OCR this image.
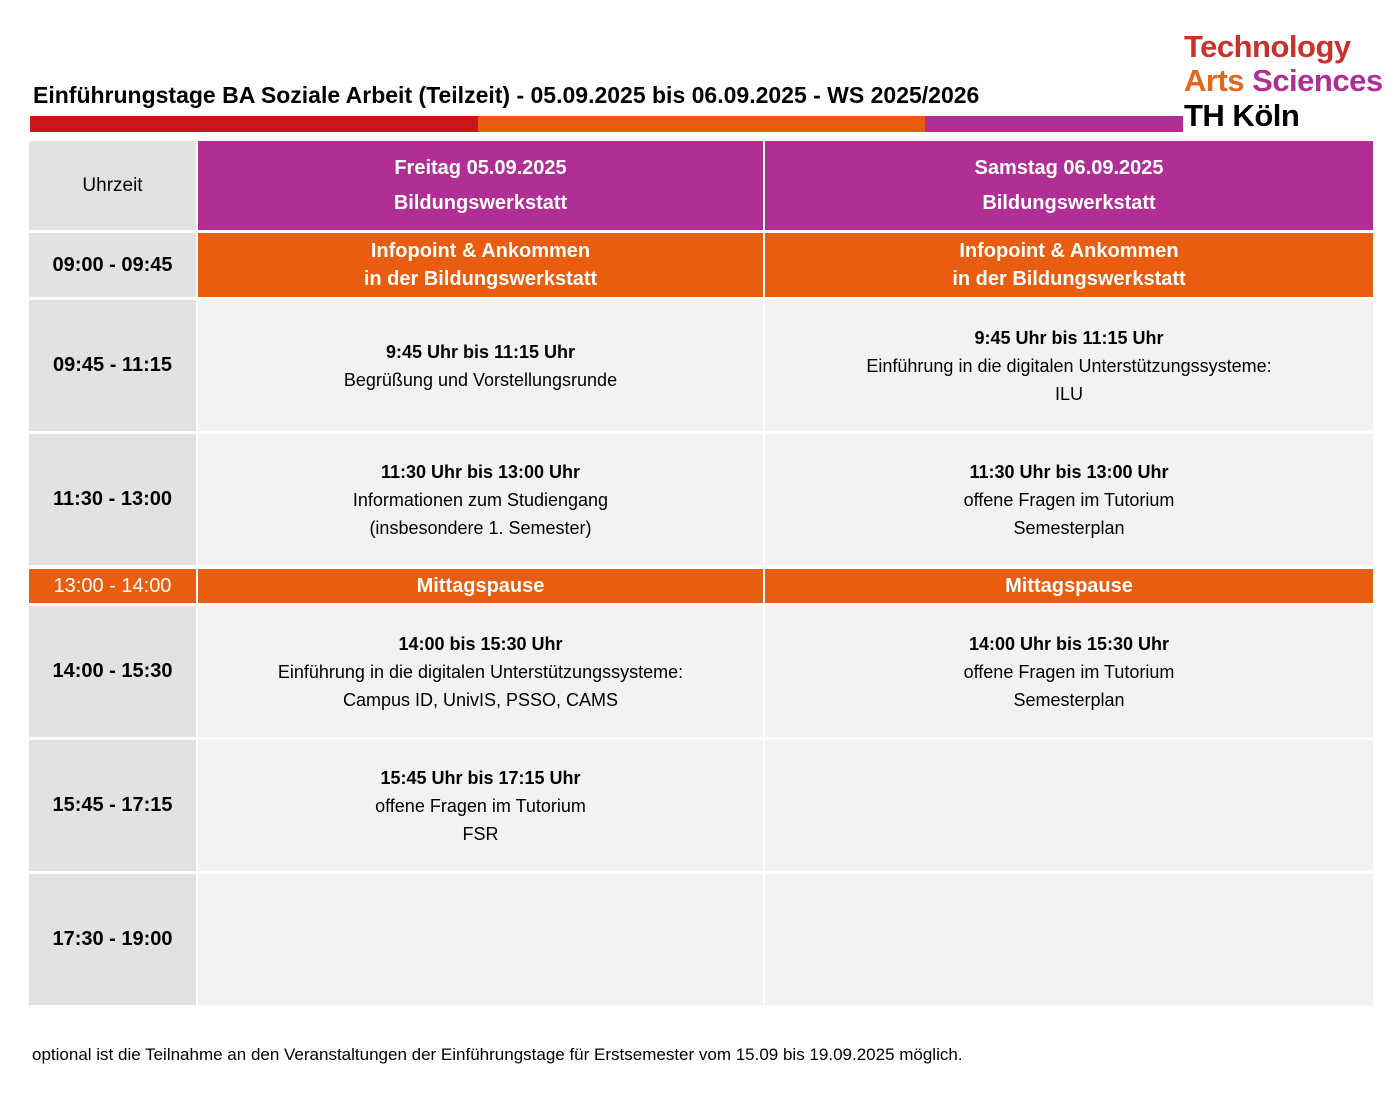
Einführungstage BA Soziale Arbeit (Teilzeit) - 05.09.2025 bis 06.09.2025 - WS 2025/2026
Technology
Arts Sciences
TH Köln
Uhrzeit
Freitag 05.09.2025
Bildungswerkstatt
Samstag 06.09.2025
Bildungswerkstatt
09:00 - 09:45
Infopoint & Ankommen
in der Bildungswerkstatt
Infopoint & Ankommen
in der Bildungswerkstatt
09:45 - 11:15
9:45 Uhr bis 11:15 Uhr
Begrüßung und Vorstellungsrunde
9:45 Uhr bis 11:15 Uhr
Einführung in die digitalen Unterstützungssysteme:
ILU
11:30 - 13:00
11:30 Uhr bis 13:00 Uhr
Informationen zum Studiengang
(insbesondere 1. Semester)
11:30 Uhr bis 13:00 Uhr
offene Fragen im Tutorium
Semesterplan
13:00 - 14:00	Mittagspause	Mittagspause
14:00 - 15:30
14:00 bis 15:30 Uhr
Einführung in die digitalen Unterstützungssysteme:
Campus ID, UnivIS, PSSO, CAMS
14:00 Uhr bis 15:30 Uhr
offene Fragen im Tutorium
Semesterplan
15:45 - 17:15
15:45 Uhr bis 17:15 Uhr
offene Fragen im Tutorium
FSR
17:30 - 19:00
optional ist die Teilnahme an den Veranstaltungen der Einführungstage für Erstsemester vom 15.09 bis 19.09.2025 möglich.
